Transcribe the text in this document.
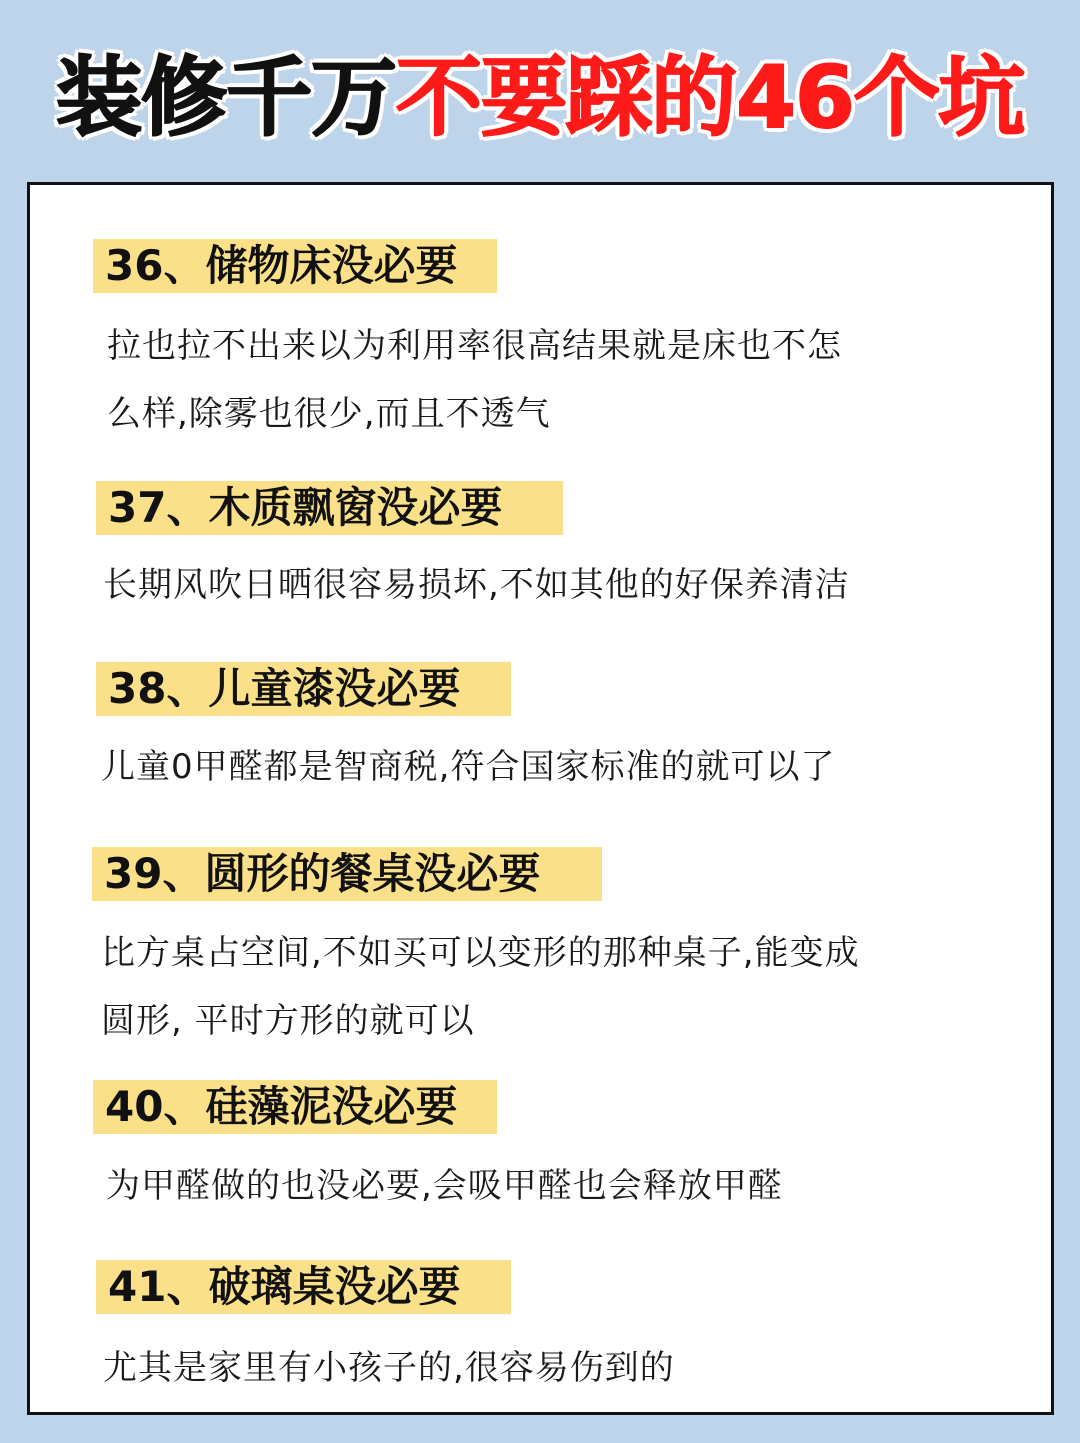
装修千万不要踩的46个坑
36、储物床没必要
拉也拉不出来以为利用率很高结果就是床也不怎
么样,除雾也很少,而且不透气
37、木质飘窗没必要
长期风吹日晒很容易损坏,不如其他的好保养清洁
38、儿童漆没必要
儿童0甲醛都是智商税,符合国家标准的就可以了
39、圆形的餐桌没必要
比方桌占空间,不如买可以变形的那种桌子,能变成
圆形, 平时方形的就可以
40、硅藻泥没必要
为甲醛做的也没必要,会吸甲醛也会释放甲醛
41、破璃桌没必要
尤其是家里有小孩子的,很容易伤到的
